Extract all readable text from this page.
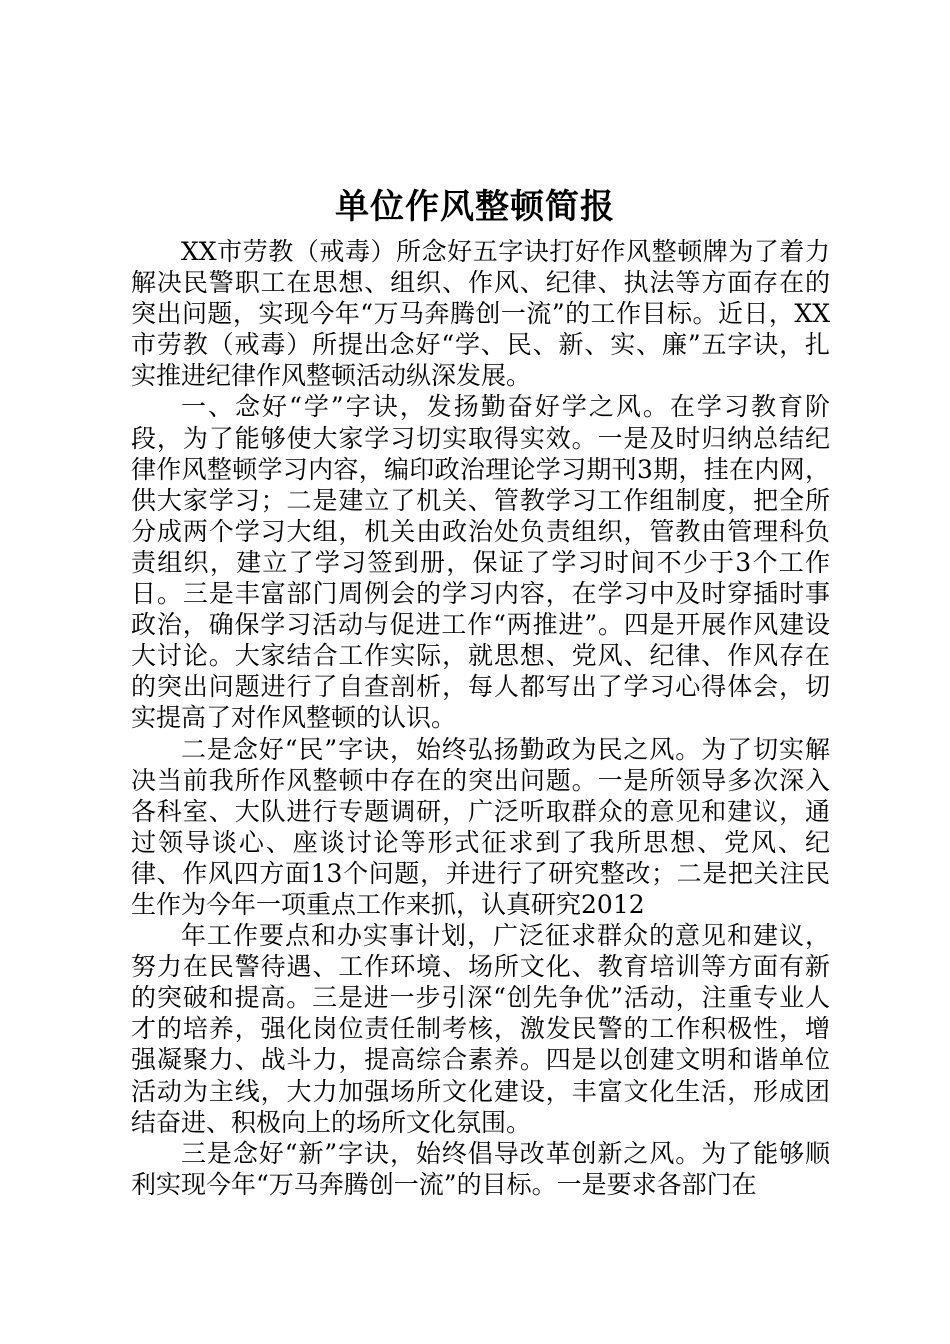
单位作风整顿简报

XX市劳教（戒毒）所念好五字诀打好作风整顿牌为了着力解决民警职工在思想、组织、作风、纪律、执法等方面存在的突出问题，实现今年“万马奔腾创一流”的工作目标。近日，XX市劳教（戒毒）所提出念好“学、民、新、实、廉”五字诀，扎实推进纪律作风整顿活动纵深发展。

一、念好“学”字诀，发扬勤奋好学之风。在学习教育阶段，为了能够使大家学习切实取得实效。一是及时归纳总结纪律作风整顿学习内容，编印政治理论学习期刊3期，挂在内网，供大家学习；二是建立了机关、管教学习工作组制度，把全所分成两个学习大组，机关由政治处负责组织，管教由管理科负责组织，建立了学习签到册，保证了学习时间不少于3个工作日。三是丰富部门周例会的学习内容，在学习中及时穿插时事政治，确保学习活动与促进工作“两推进”。四是开展作风建设大讨论。大家结合工作实际，就思想、党风、纪律、作风存在的突出问题进行了自查剖析，每人都写出了学习心得体会，切实提高了对作风整顿的认识。

二是念好“民”字诀，始终弘扬勤政为民之风。为了切实解决当前我所作风整顿中存在的突出问题。一是所领导多次深入各科室、大队进行专题调研，广泛听取群众的意见和建议，通过领导谈心、座谈讨论等形式征求到了我所思想、党风、纪律、作风四方面13个问题，并进行了研究整改；二是把关注民生作为今年一项重点工作来抓，认真研究2012

年工作要点和办实事计划，广泛征求群众的意见和建议，努力在民警待遇、工作环境、场所文化、教育培训等方面有新的突破和提高。三是进一步引深“创先争优”活动，注重专业人才的培养，强化岗位责任制考核，激发民警的工作积极性，增强凝聚力、战斗力，提高综合素养。四是以创建文明和谐单位活动为主线，大力加强场所文化建设，丰富文化生活，形成团结奋进、积极向上的场所文化氛围。

三是念好“新”字诀，始终倡导改革创新之风。为了能够顺利实现今年“万马奔腾创一流”的目标。一是要求各部门在
